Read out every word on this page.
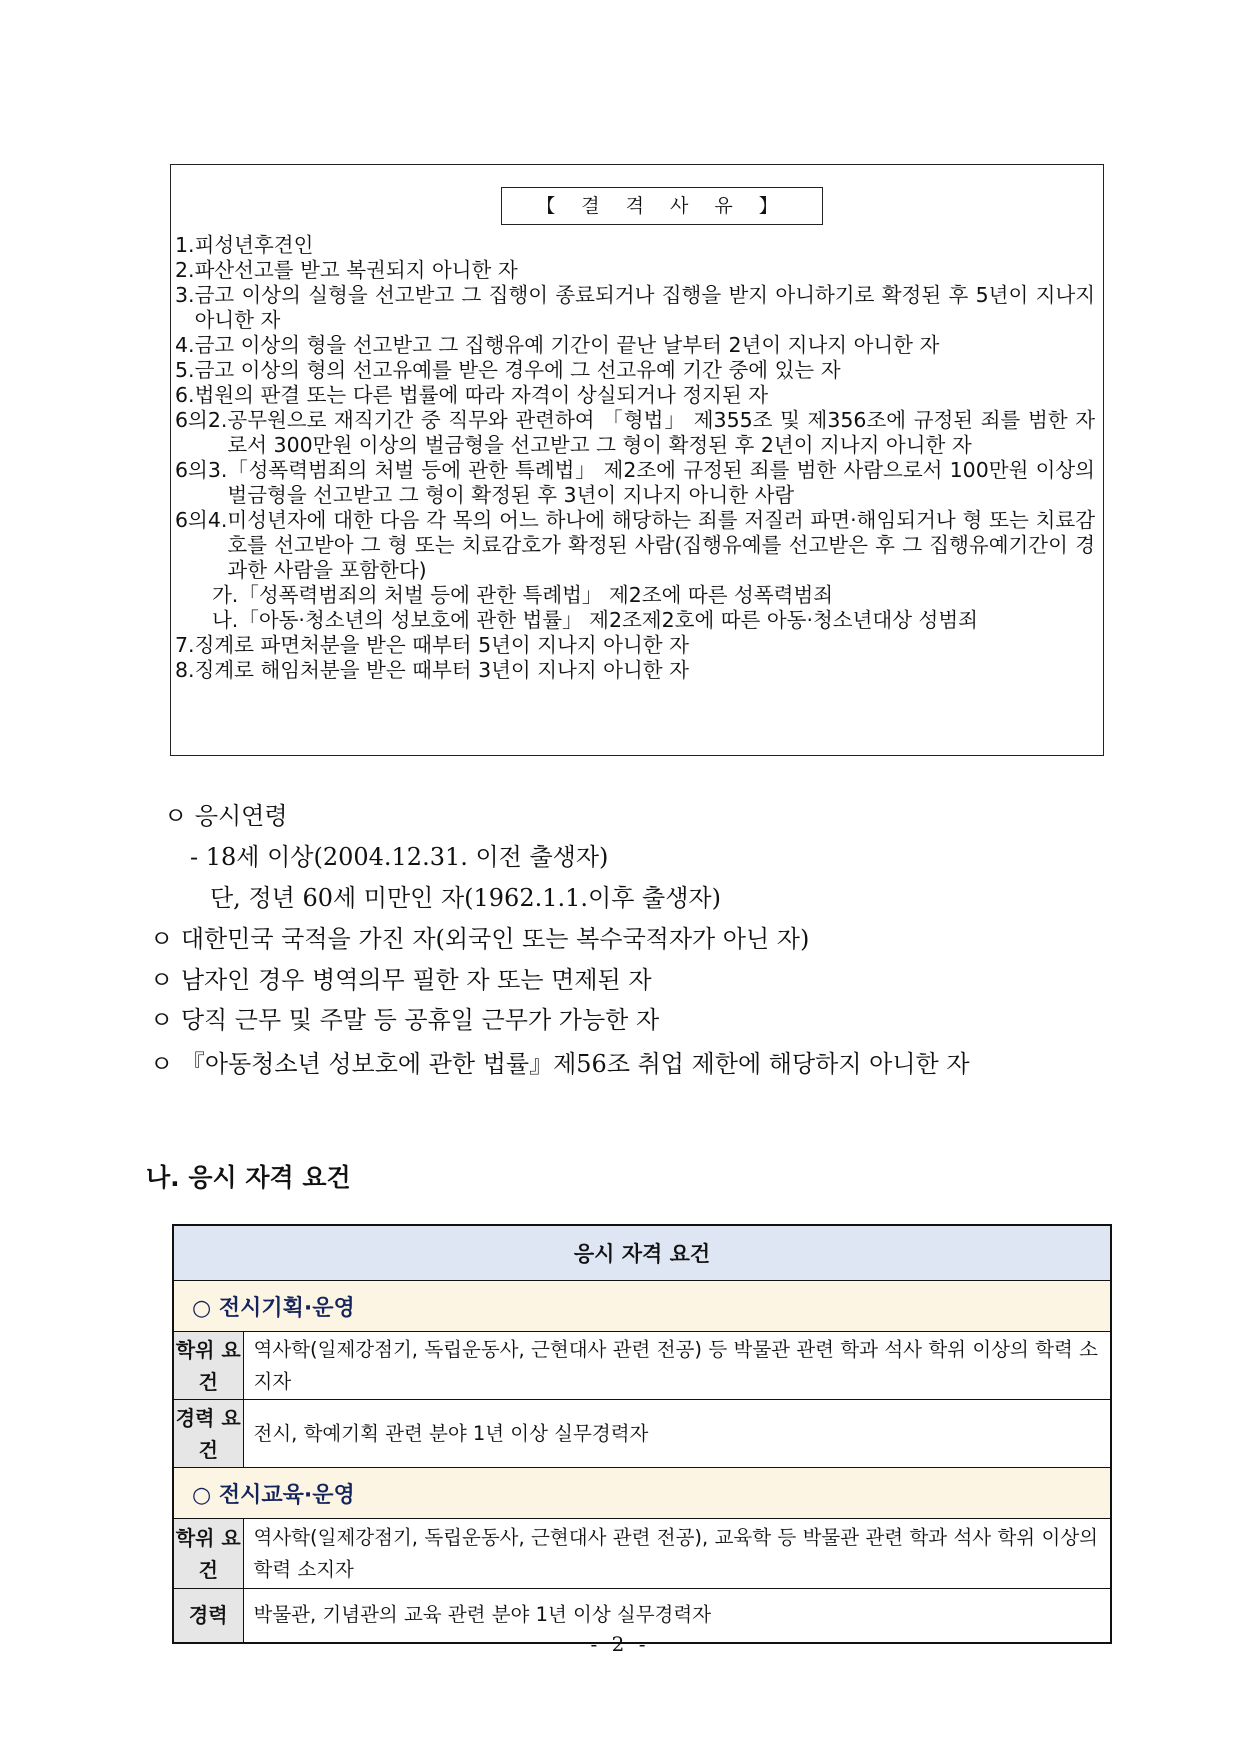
【 결 격 사 유 】
1. 피성년후견인
2. 파산선고를 받고 복권되지 아니한 자
3. 금고 이상의 실형을 선고받고 그 집행이 종료되거나 집행을 받지 아니하기로 확정된 후 5년이 지나지 아니한 자
4. 금고 이상의 형을 선고받고 그 집행유예 기간이 끝난 날부터 2년이 지나지 아니한 자
5. 금고 이상의 형의 선고유예를 받은 경우에 그 선고유예 기간 중에 있는 자
6. 법원의 판결 또는 다른 법률에 따라 자격이 상실되거나 정지된 자
6의2. 공무원으로 재직기간 중 직무와 관련하여 「형법」 제355조 및 제356조에 규정된 죄를 범한 자로서 300만원 이상의 벌금형을 선고받고 그 형이 확정된 후 2년이 지나지 아니한 자
6의3. 「성폭력범죄의 처벌 등에 관한 특례법」 제2조에 규정된 죄를 범한 사람으로서 100만원 이상의 벌금형을 선고받고 그 형이 확정된 후 3년이 지나지 아니한 사람
6의4. 미성년자에 대한 다음 각 목의 어느 하나에 해당하는 죄를 저질러 파면·해임되거나 형 또는 치료감호를 선고받아 그 형 또는 치료감호가 확정된 사람(집행유예를 선고받은 후 그 집행유예기간이 경과한 사람을 포함한다)
가.「성폭력범죄의 처벌 등에 관한 특례법」 제2조에 따른 성폭력범죄
나.「아동·청소년의 성보호에 관한 법률」 제2조제2호에 따른 아동·청소년대상 성범죄
7. 징계로 파면처분을 받은 때부터 5년이 지나지 아니한 자
8. 징계로 해임처분을 받은 때부터 3년이 지나지 아니한 자
ㅇ 응시연령
- 18세 이상(2004.12.31. 이전 출생자)
단, 정년 60세 미만인 자(1962.1.1.이후 출생자)
ㅇ 대한민국 국적을 가진 자(외국인 또는 복수국적자가 아닌 자)
ㅇ 남자인 경우 병역의무 필한 자 또는 면제된 자
ㅇ 당직 근무 및 주말 등 공휴일 근무가 가능한 자
ㅇ 『아동청소년 성보호에 관한 법률』제56조 취업 제한에 해당하지 아니한 자
나. 응시 자격 요건
응시 자격 요건	
○ 전시기획·운영	
학위 요건	역사학(일제강점기, 독립운동사, 근현대사 관련 전공) 등 박물관 관련 학과 석사 학위 이상의 학력 소지자
경력 요건	전시, 학예기획 관련 분야 1년 이상 실무경력자
○ 전시교육·운영	
학위 요건	역사학(일제강점기, 독립운동사, 근현대사 관련 전공), 교육학 등 박물관 관련 학과 석사 학위 이상의 학력 소지자
경력	박물관, 기념관의 교육 관련 분야 1년 이상 실무경력자
- 2 -
